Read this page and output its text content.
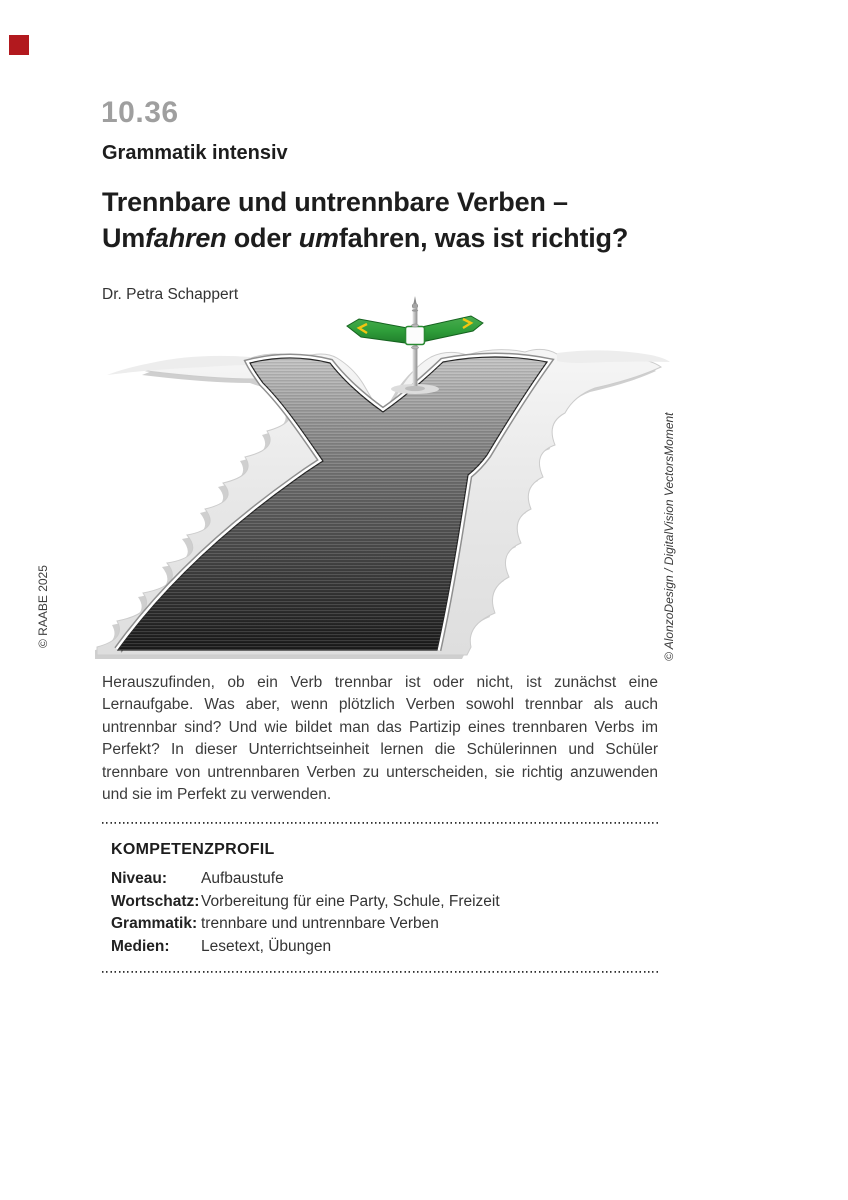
10.36
Grammatik intensiv
Trennbare und untrennbare Verben –
Umfahren oder umfahren, was ist richtig?
Dr. Petra Schappert
© RAABE 2025	© AlonzoDesign / DigitalVision VectorsMoment

Herauszufinden, ob ein Verb trennbar ist oder nicht, ist zunächst eine Lernaufgabe. Was aber, wenn plötzlich Verben sowohl trennbar als auch untrennbar sind? Und wie bildet man das Partizip eines trennbaren Verbs im Perfekt? In dieser Unterrichtseinheit lernen die Schülerinnen und Schüler trennbare von untrennbaren Verben zu unterscheiden, sie richtig anzuwenden und sie im Perfekt zu verwenden.

KOMPETENZPROFIL
Niveau:	Aufbaustufe
Wortschatz: Vorbereitung für eine Party, Schule, Freizeit
Grammatik: trennbare und untrennbare Verben
Medien:	Lesetext, Übungen
